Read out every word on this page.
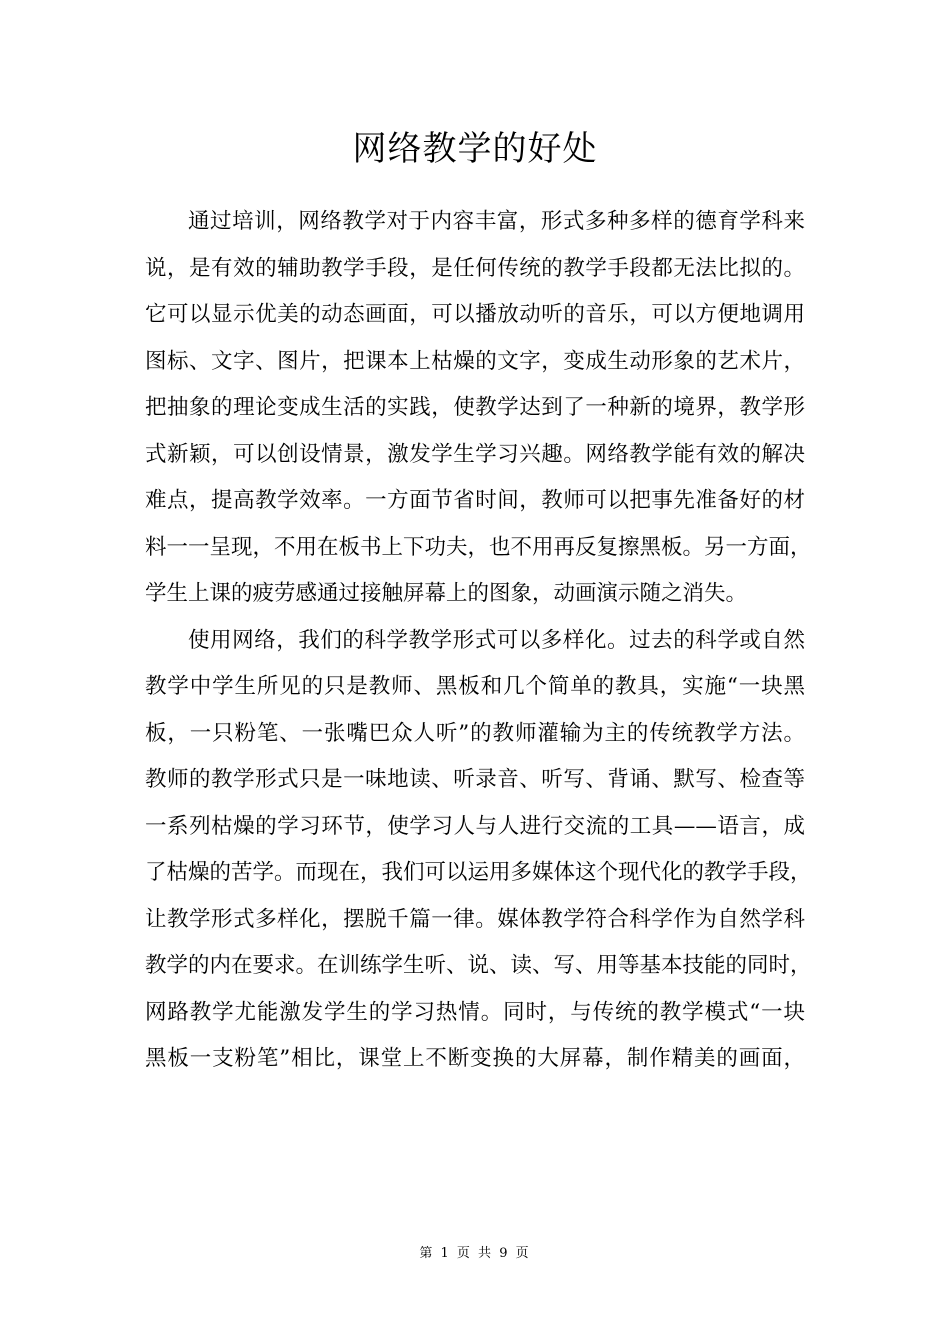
网络教学的好处
通过培训，网络教学对于内容丰富，形式多种多样的德育学科来
说，是有效的辅助教学手段，是任何传统的教学手段都无法比拟的。
它可以显示优美的动态画面，可以播放动听的音乐，可以方便地调用
图标、文字、图片，把课本上枯燥的文字，变成生动形象的艺术片，
把抽象的理论变成生活的实践，使教学达到了一种新的境界，教学形
式新颖，可以创设情景，激发学生学习兴趣。网络教学能有效的解决
难点，提高教学效率。一方面节省时间，教师可以把事先准备好的材
料一一呈现，不用在板书上下功夫，也不用再反复擦黑板。另一方面，
学生上课的疲劳感通过接触屏幕上的图象，动画演示随之消失。
使用网络，我们的科学教学形式可以多样化。过去的科学或自然
教学中学生所见的只是教师、黑板和几个简单的教具，实施“一块黑
板，一只粉笔、一张嘴巴众人听”的教师灌输为主的传统教学方法。
教师的教学形式只是一味地读、听录音、听写、背诵、默写、检查等
一系列枯燥的学习环节，使学习人与人进行交流的工具——语言，成
了枯燥的苦学。而现在，我们可以运用多媒体这个现代化的教学手段，
让教学形式多样化，摆脱千篇一律。媒体教学符合科学作为自然学科
教学的内在要求。在训练学生听、说、读、写、用等基本技能的同时，
网路教学尤能激发学生的学习热情。同时，与传统的教学模式“一块
黑板一支粉笔”相比，课堂上不断变换的大屏幕，制作精美的画面，
第 1 页 共 9 页
